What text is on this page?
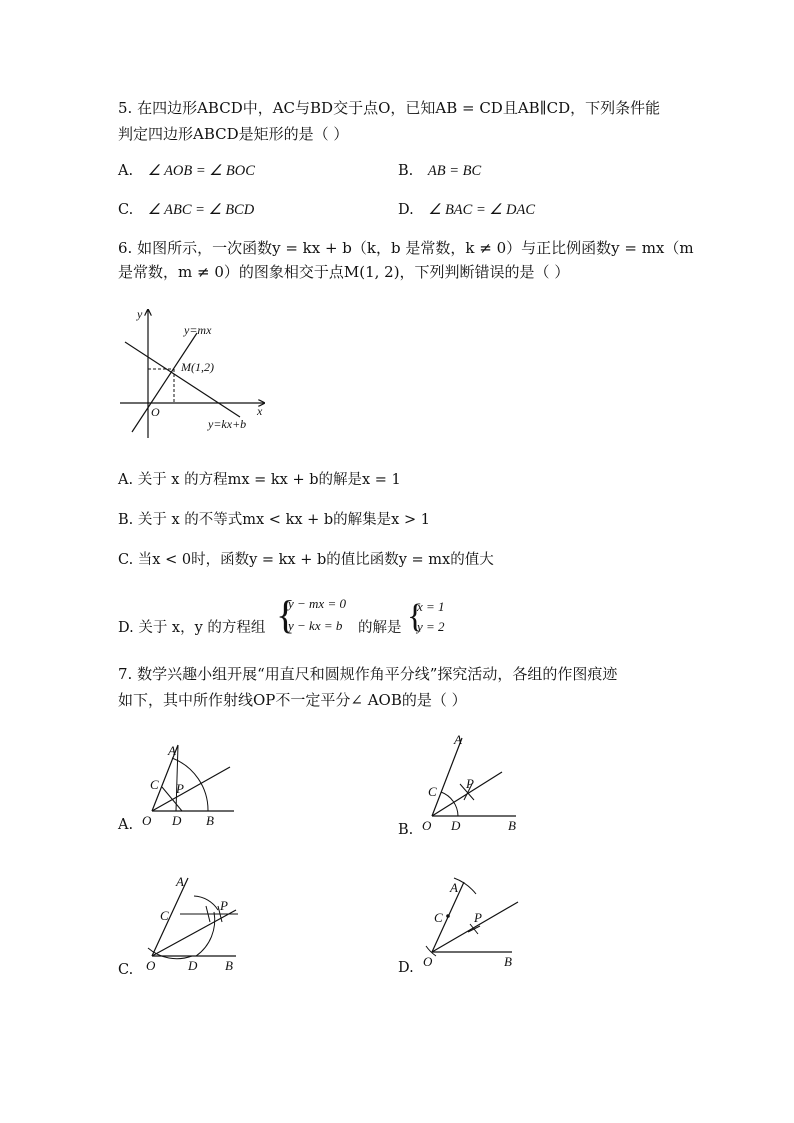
5. 在四边形ABCD中，AC与BD交于点O，已知AB = CD且AB∥CD，下列条件能
判定四边形ABCD是矩形的是（ ）
A. ∠ AOB = ∠ BOC	B. AB = BC
C. ∠ ABC = ∠ BCD	D. ∠ BAC = ∠ DAC
6. 如图所示，一次函数y = kx + b（k，b 是常数，k ≠ 0）与正比例函数y = mx（m
是常数，m ≠ 0）的图象相交于点M(1, 2)，下列判断错误的是（ ）
y
x
O
y=mx
y=kx+b
M(1,2)
A. 关于 x 的方程mx = kx + b的解是x = 1
B. 关于 x 的不等式mx < kx + b的解集是x > 1
C. 当x < 0时，函数y = kx + b的值比函数y = mx的值大
D. 关于 x，y 的方程组 {
y − mx = 0
y − kx = b 的解是 {
x = 1
y = 2
7. 数学兴趣小组开展“用直尺和圆规作角平分线”探究活动，各组的作图痕迹
如下，其中所作射线OP不一定平分∠ AOB的是（ ）
A.
A
C P
O D B
B.
A
C
P
O D	B
C.
A
C
P
O	D B	D.
A
C P
O	B
